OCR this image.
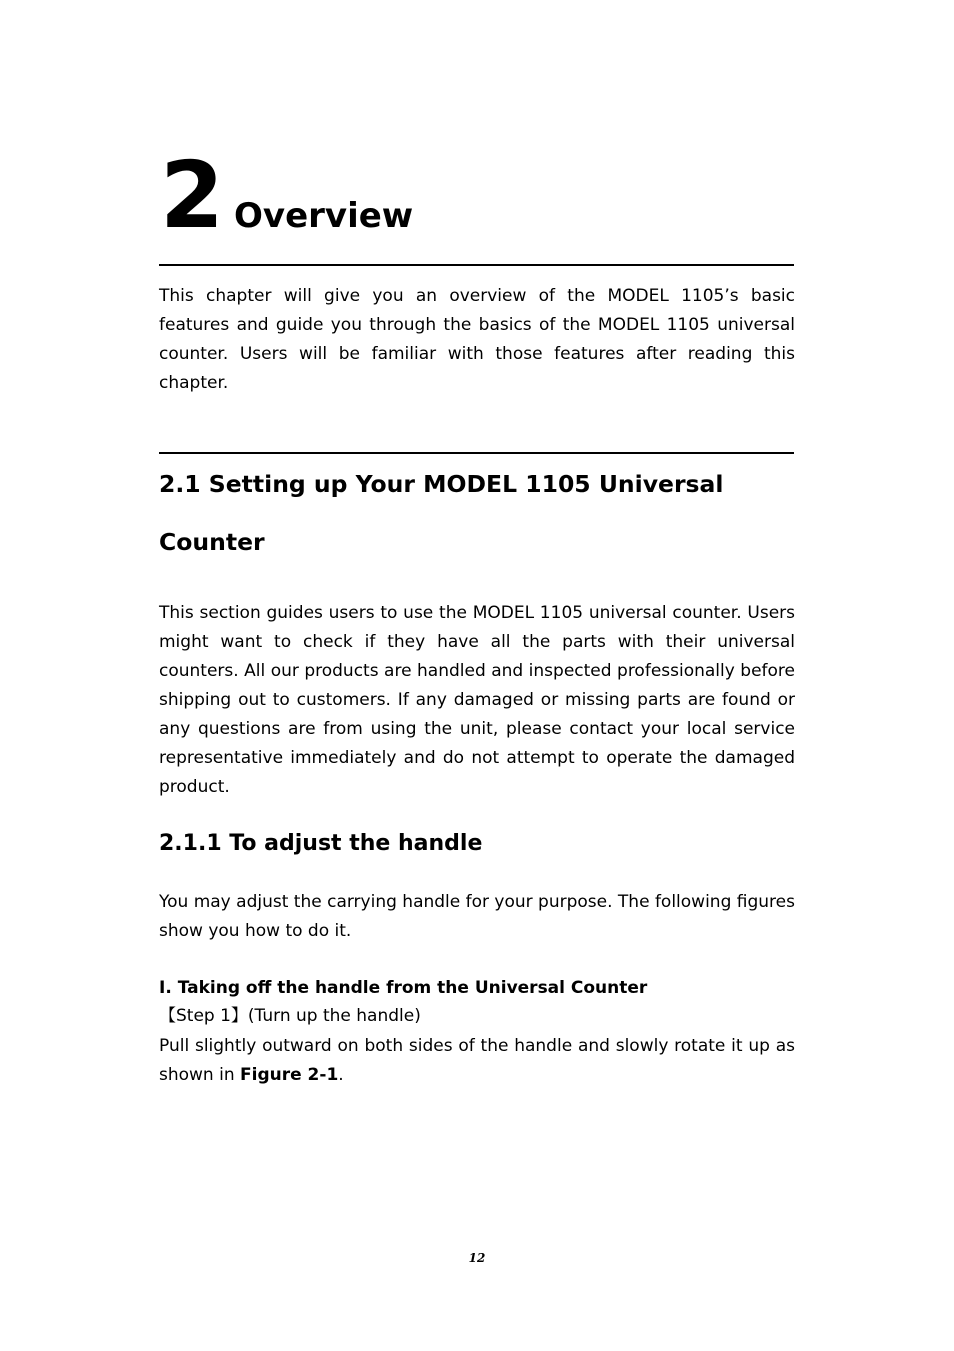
2 Overview

This chapter will give you an overview of the MODEL 1105’s basic features and guide you through the basics of the MODEL 1105 universal counter. Users will be familiar with those features after reading this chapter.

2.1 Setting up Your MODEL 1105 Universal
Counter

This section guides users to use the MODEL 1105 universal counter. Users might want to check if they have all the parts with their universal counters. All our products are handled and inspected professionally before shipping out to customers. If any damaged or missing parts are found or any questions are from using the unit, please contact your local service representative immediately and do not attempt to operate the damaged product.

2.1.1 To adjust the handle

You may adjust the carrying handle for your purpose. The following figures show you how to do it.

I. Taking off the handle from the Universal Counter

【Step 1】(Turn up the handle)

Pull slightly outward on both sides of the handle and slowly rotate it up as shown in Figure 2-1.

12
